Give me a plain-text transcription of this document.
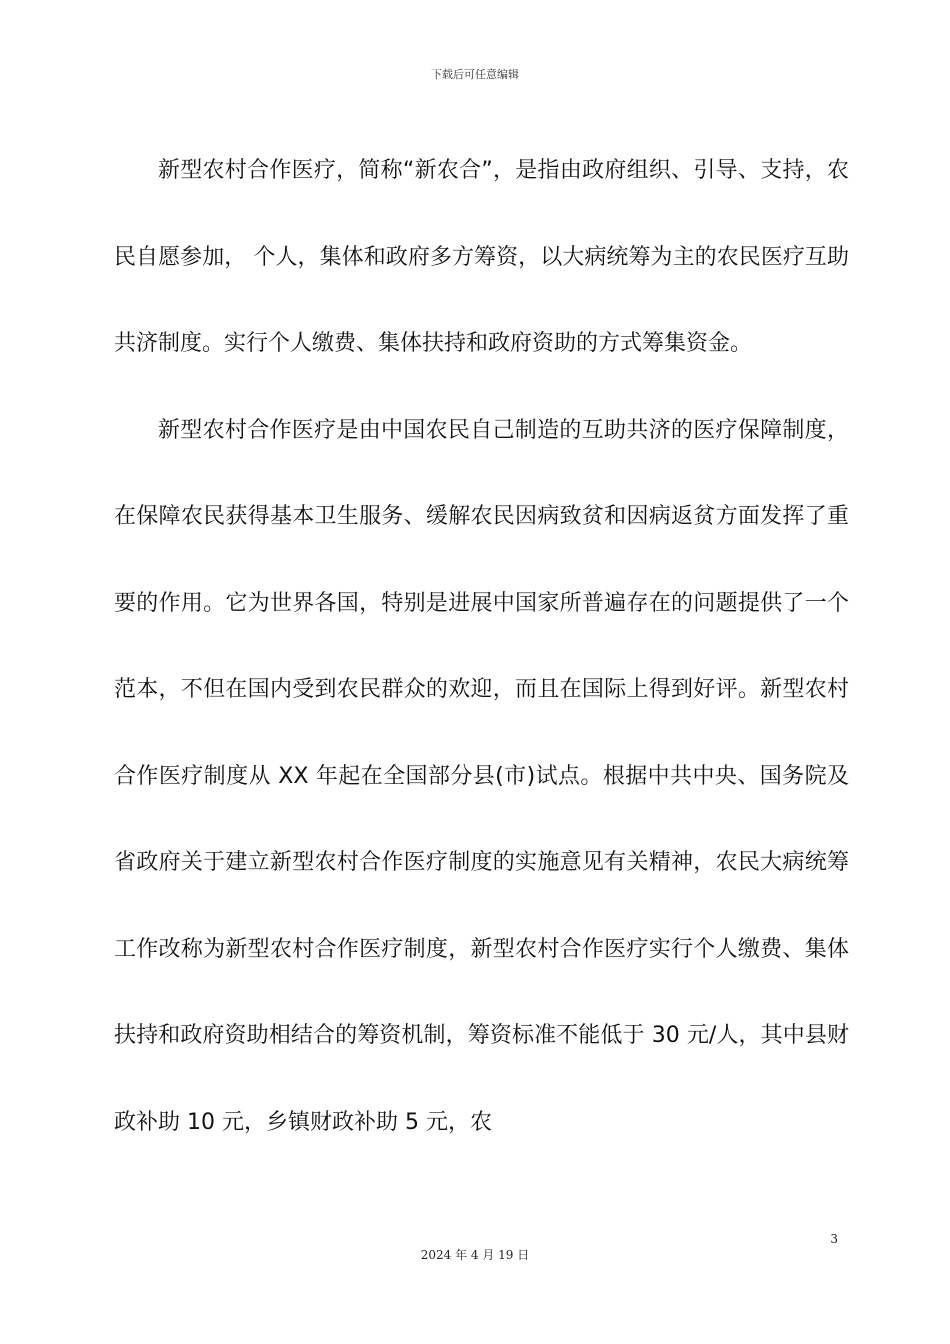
下载后可任意编辑

新型农村合作医疗，简称“新农合”，是指由政府组织、引导、支持，农民自愿参加， 个人，集体和政府多方筹资，以大病统筹为主的农民医疗互助共济制度。实行个人缴费、集体扶持和政府资助的方式筹集资金。

新型农村合作医疗是由中国农民自己制造的互助共济的医疗保障制度，在保障农民获得基本卫生服务、缓解农民因病致贫和因病返贫方面发挥了重要的作用。它为世界各国，特别是进展中国家所普遍存在的问题提供了一个范本，不但在国内受到农民群众的欢迎，而且在国际上得到好评。新型农村合作医疗制度从 XX 年起在全国部分县(市)试点。根据中共中央、国务院及省政府关于建立新型农村合作医疗制度的实施意见有关精神，农民大病统筹工作改称为新型农村合作医疗制度，新型农村合作医疗实行个人缴费、集体扶持和政府资助相结合的筹资机制，筹资标准不能低于 30 元/人，其中县财政补助 10 元，乡镇财政补助 5 元，农

3
2024 年 4 月 19 日
